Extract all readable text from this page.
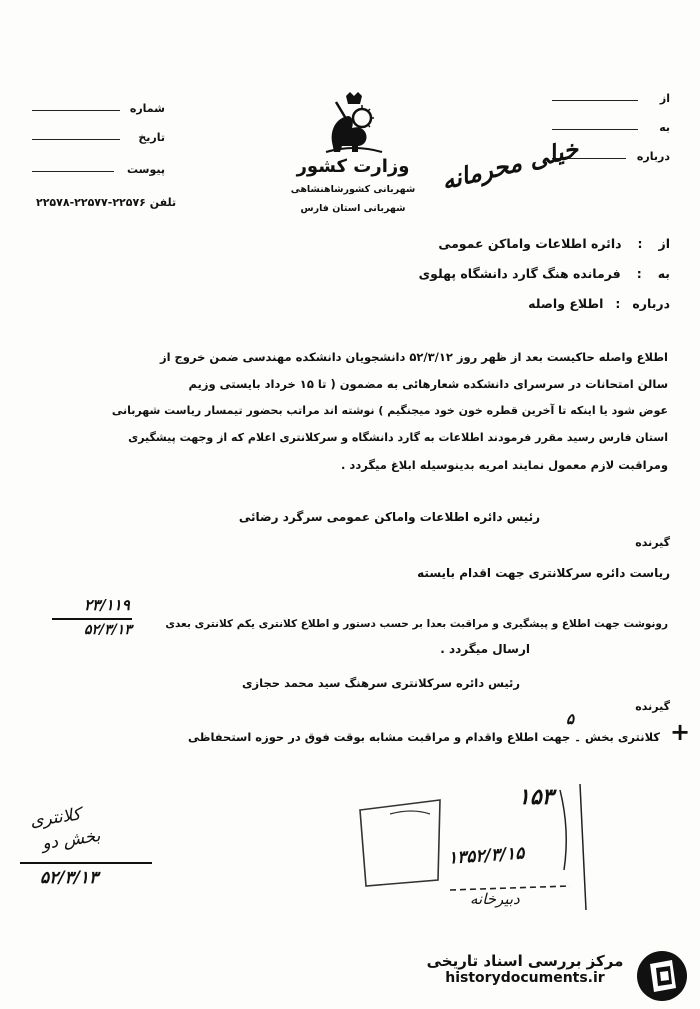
شماره
تاریخ
پیوست
تلفن ۲۲۵۷۶-۲۲۵۷۷-۲۲۵۷۸
از
به
درباره
وزارت کشور
شهربانی کشورشاهنشاهی
شهربانی استان فارس
خیلی محرمانه
از
:
دائره اطلاعات واماکن عمومی
به
:
فرمانده هنگ گارد دانشگاه پهلوی
درباره
:
اطلاع واصله
اطلاع واصله حاکیست بعد از ظهر روز ۵۲/۳/۱۲ دانشجویان دانشکده مهندسی ضمن خروج از
سالن امتحانات در سرسرای دانشکده شعارهائی به مضمون ( تا ۱۵ خرداد بایستی وزیم
عوض شود یا اینکه تا آخرین قطره خون خود میجنگیم ) نوشته اند مراتب بحضور تیمسار ریاست شهربانی
استان فارس رسید مقرر فرمودند اطلاعات به گارد دانشگاه و سرکلانتری اعلام که از وجهت پیشگیری
ومراقبت لازم معمول نمایند امریه بدینوسیله ابلاغ میگردد .
رئیس دائره اطلاعات واماکن عمومی سرگرد رضائی
گیرنده
ریاست دائره سرکلانتری جهت اقدام بایسته
۲۳/۱۱۹
۵۲/۳/۱۳	رونوشت جهت اطلاع و پیشگیری و مراقبت بعدا بر حسب دستور و اطلاع کلانتری یکم کلانتری بعدی
ارسال میگردد .
رئیس دائره سرکلانتری سرهنگ سید محمد حجازی
گیرنده
۵
کلانتری بخش ۔ جهت اطلاع واقدام و مراقبت مشابه بوقت فوق در حوزه استحفاظی +
کلانتری
بخش دو
۵۲/۳/۱۳
۱۵۳
۱۳۵۲/۳/۱۵
دبیرخانه
مرکز بررسی اسناد تاریخی
historydocuments.ir
